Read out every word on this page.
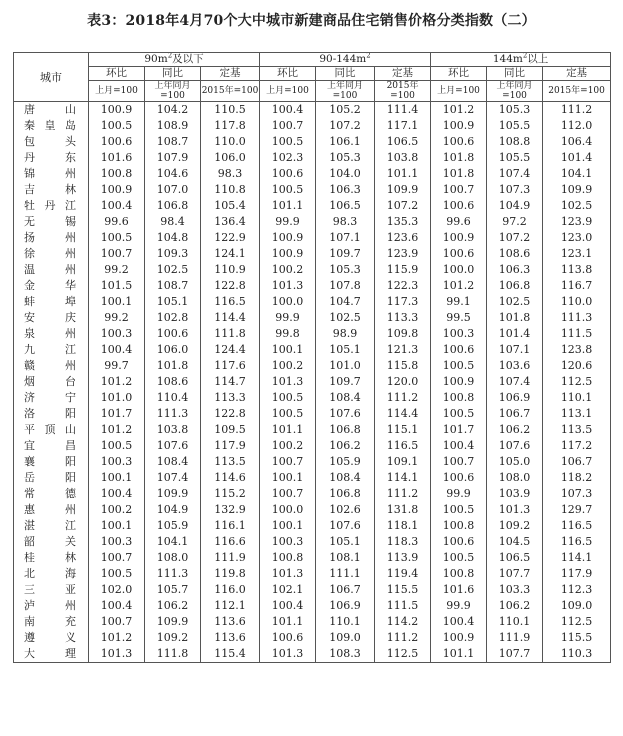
表3：2018年4月70个大中城市新建商品住宅销售价格分类指数（二）
城市	$90m^2$及以下			$90-144m^2$			$144m^2$以上		
	环比	同比	定基	环比	同比	定基	环比	同比	定基
	上月=100	上年同月=100	2015年=100	上月=100	上年同月=100	2015年=100	上月=100	上年同月=100	2015年=100
唐山	100.9	104.2	110.5	100.4	105.2	111.4	101.2	105.3	111.2
秦皇岛	100.5	108.9	117.8	100.7	107.2	117.1	100.9	105.5	112.0
包头	100.6	108.7	110.0	100.5	106.1	106.5	100.6	108.8	106.4
丹东	101.6	107.9	106.0	102.3	105.3	103.8	101.8	105.5	101.4
锦州	100.8	104.6	98.3	100.6	104.0	101.1	101.8	107.4	104.1
吉林	100.9	107.0	110.8	100.5	106.3	109.9	100.7	107.3	109.9
牡丹江	100.4	106.8	105.4	101.1	106.5	107.2	100.6	104.9	102.5
无锡	99.6	98.4	136.4	99.9	98.3	135.3	99.6	97.2	123.9
扬州	100.5	104.8	122.9	100.9	107.1	123.6	100.9	107.2	123.0
徐州	100.7	109.3	124.1	100.9	109.7	123.9	100.6	108.6	123.1
温州	99.2	102.5	110.9	100.2	105.3	115.9	100.0	106.3	113.8
金华	101.5	108.7	122.8	101.3	107.8	122.3	101.2	106.8	116.7
蚌埠	100.1	105.1	116.5	100.0	104.7	117.3	99.1	102.5	110.0
安庆	99.2	102.8	114.4	99.9	102.5	113.3	99.5	101.8	111.3
泉州	100.3	100.6	111.8	99.8	98.9	109.8	100.3	101.4	111.5
九江	100.4	106.0	124.4	100.1	105.1	121.3	100.6	107.1	123.8
赣州	99.7	101.8	117.6	100.2	101.0	115.8	100.5	103.6	120.6
烟台	101.2	108.6	114.7	101.3	109.7	120.0	100.9	107.4	112.5
济宁	101.0	110.4	113.3	100.5	108.4	111.2	100.8	106.9	110.1
洛阳	101.7	111.3	122.8	100.5	107.6	114.4	100.5	106.7	113.1
平顶山	101.2	103.8	109.5	101.1	106.8	115.1	101.7	106.2	113.5
宜昌	100.5	107.6	117.9	100.2	106.2	116.5	100.4	107.6	117.2
襄阳	100.3	108.4	113.5	100.7	105.9	109.1	100.7	105.0	106.7
岳阳	100.1	107.4	114.6	100.1	108.4	114.1	100.6	108.0	118.2
常德	100.4	109.9	115.2	100.7	106.8	111.2	99.9	103.9	107.3
惠州	100.2	104.9	132.9	100.0	102.6	131.8	100.5	101.3	129.7
湛江	100.1	105.9	116.1	100.1	107.6	118.1	100.8	109.2	116.5
韶关	100.3	104.1	116.6	100.3	105.1	118.3	100.6	104.5	116.5
桂林	100.7	108.0	111.9	100.8	108.1	113.9	100.5	106.5	114.1
北海	100.5	111.3	119.8	101.3	111.1	119.4	100.8	107.7	117.9
三亚	102.0	105.7	116.0	102.1	106.7	115.5	101.6	103.3	112.3
泸州	100.4	106.2	112.1	100.4	106.9	111.5	99.9	106.2	109.0
南充	100.7	109.9	113.6	101.1	110.1	114.2	100.4	110.1	112.5
遵义	101.2	109.2	113.6	100.6	109.0	111.2	100.9	111.9	115.5
大理	101.3	111.8	115.4	101.3	108.3	112.5	101.1	107.7	110.3
